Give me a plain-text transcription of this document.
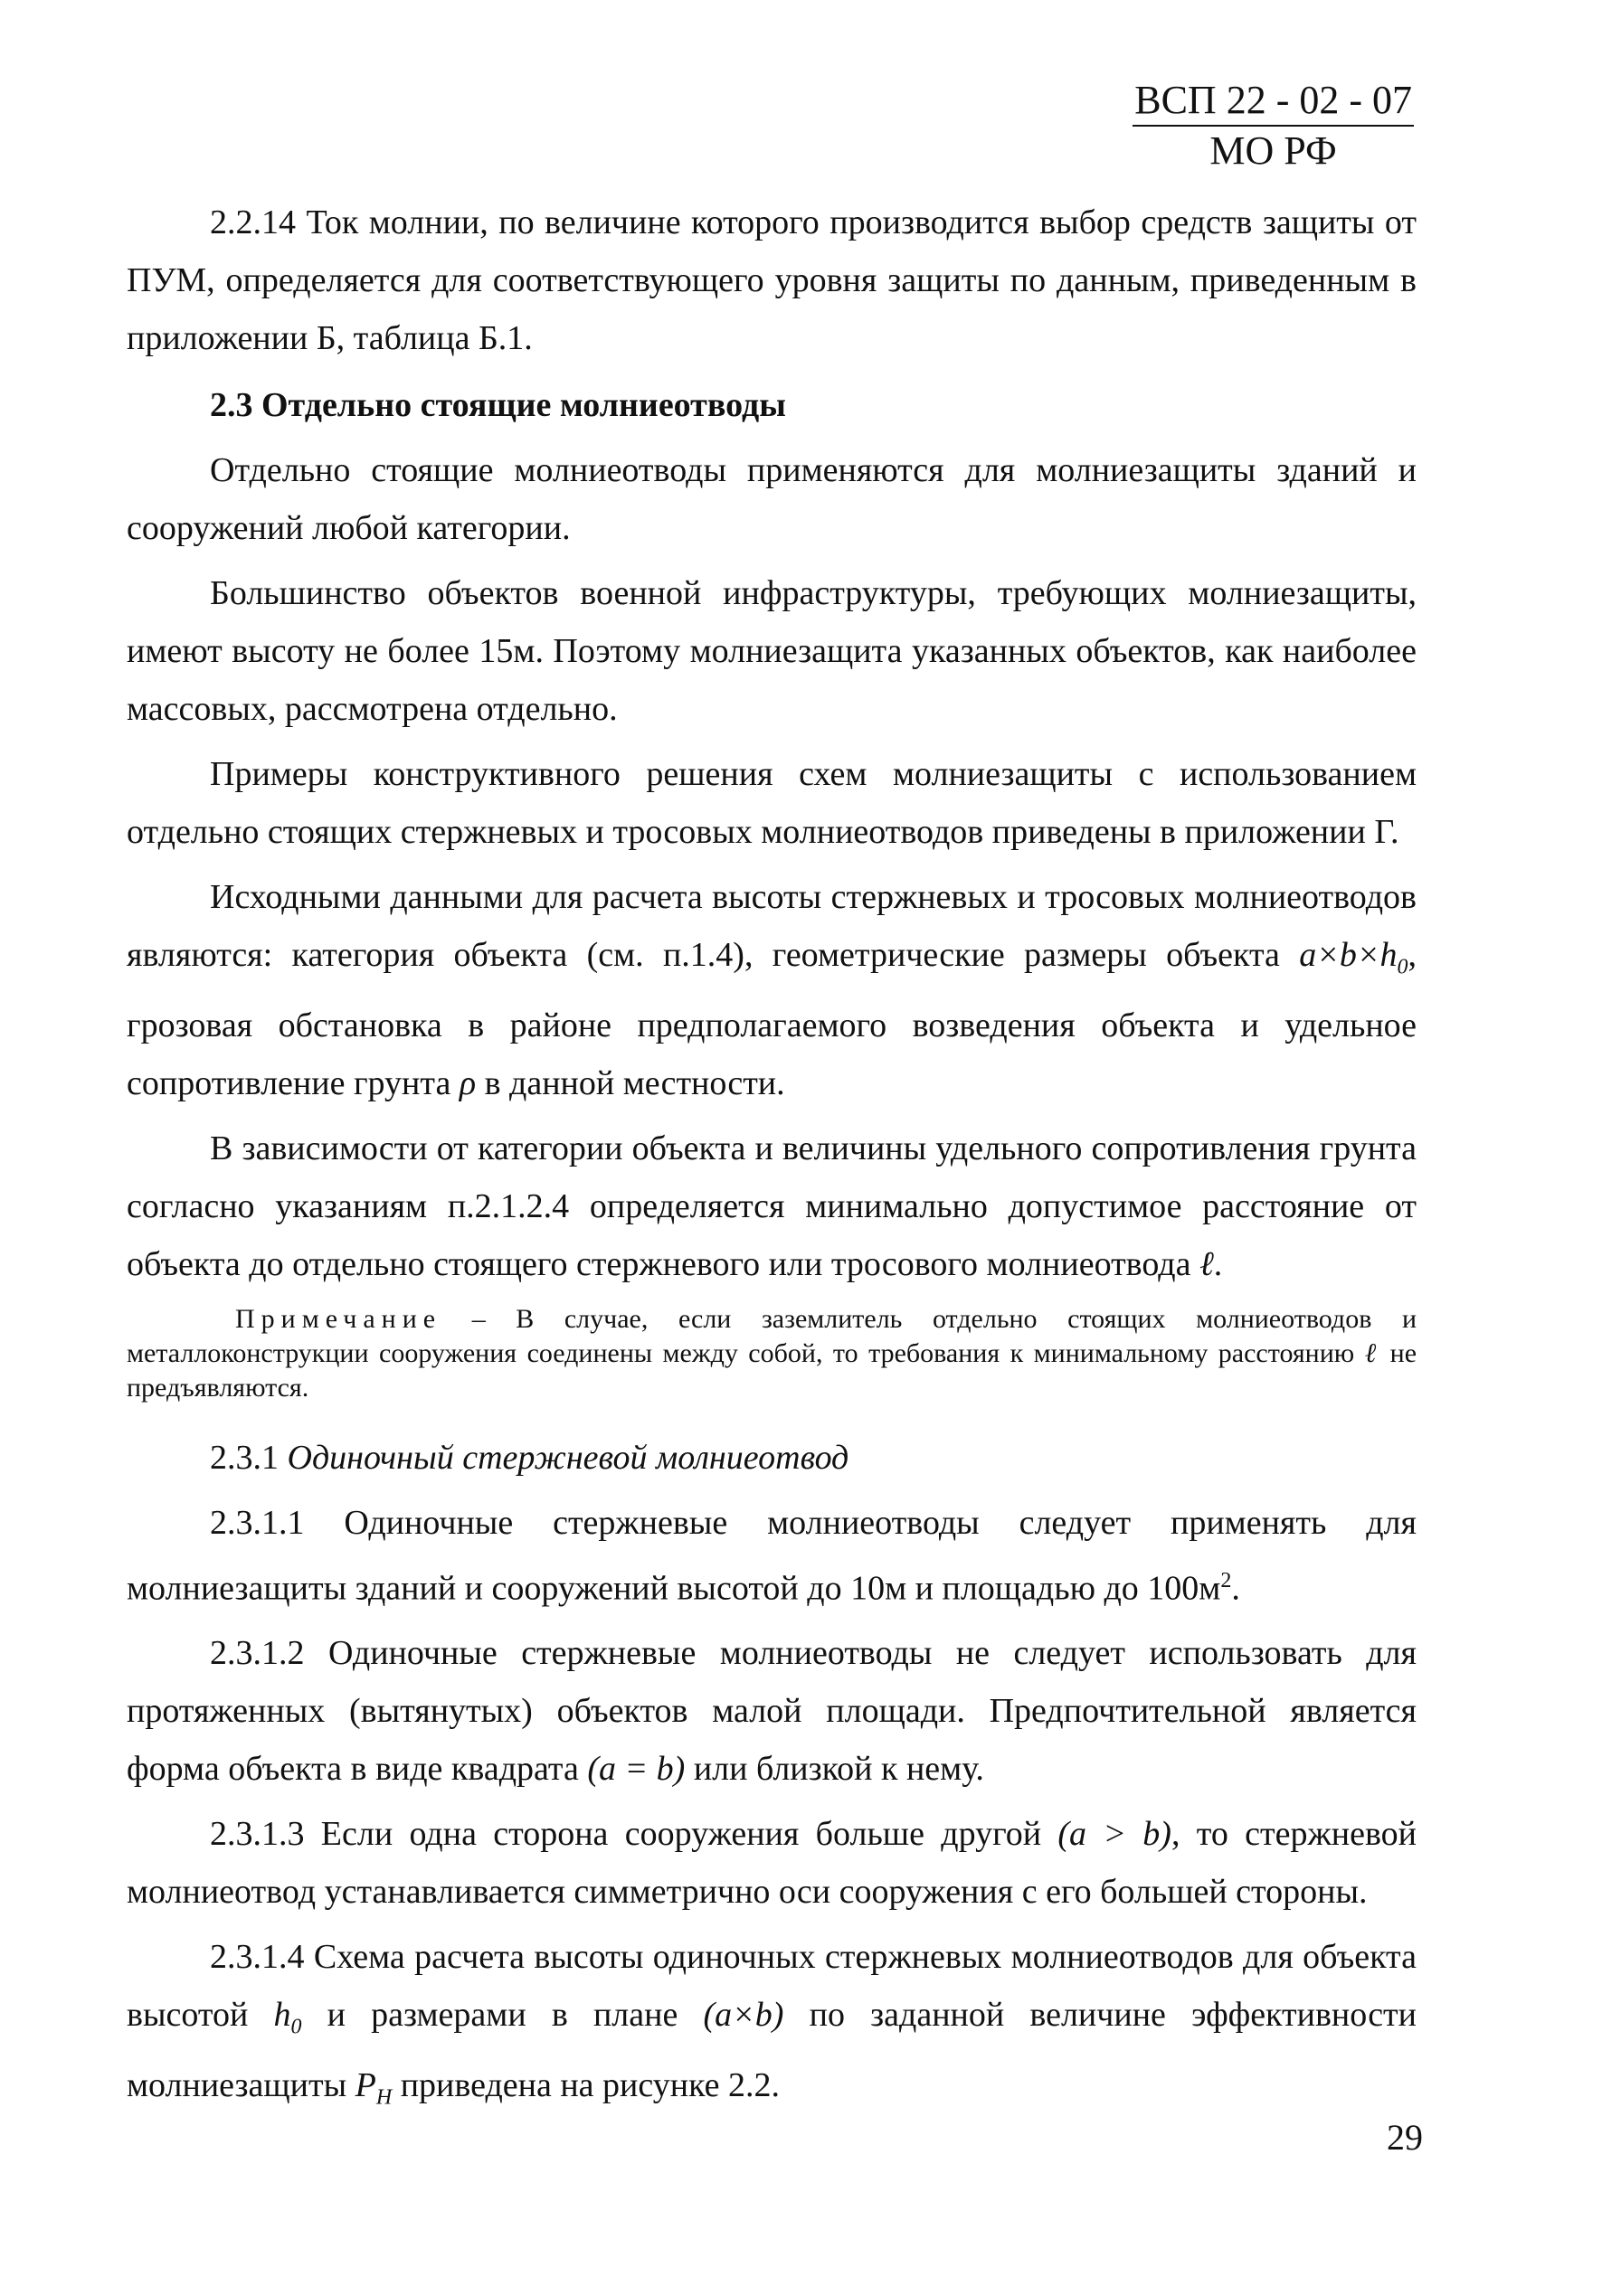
ВСП 22 - 02 - 07
МО РФ

2.2.14 Ток молнии, по величине которого производится выбор средств защиты от ПУМ, определяется для соответствующего уровня защиты по данным, приведенным в приложении Б, таблица Б.1.

2.3 Отдельно стоящие молниеотводы

Отдельно стоящие молниеотводы применяются для молниезащиты зданий и сооружений любой категории.

Большинство объектов военной инфраструктуры, требующих молниезащиты, имеют высоту не более 15м. Поэтому молниезащита указанных объектов, как наиболее массовых, рассмотрена отдельно.

Примеры конструктивного решения схем молниезащиты с использованием отдельно стоящих стержневых и тросовых молниеотводов приведены в приложении Г.

Исходными данными для расчета высоты стержневых и тросовых молниеотводов являются: категория объекта (см. п.1.4), геометрические размеры объекта $a\times b\times h_0$, грозовая обстановка в районе предполагаемого возведения объекта и удельное сопротивление грунта ρ в данной местности.

В зависимости от категории объекта и величины удельного сопротивления грунта согласно указаниям п.2.1.2.4 определяется минимально допустимое расстояние от объекта до отдельно стоящего стержневого или тросового молниеотвода ℓ.

Примечание – В случае, если заземлитель отдельно стоящих молниеотводов и металлоконструкции сооружения соединены между собой, то требования к минимальному расстоянию ℓ не предъявляются.

2.3.1 Одиночный стержневой молниеотвод

2.3.1.1 Одиночные стержневые молниеотводы следует применять для молниезащиты зданий и сооружений высотой до 10м и площадью до $100м^2$.

2.3.1.2 Одиночные стержневые молниеотводы не следует использовать для протяженных (вытянутых) объектов малой площади. Предпочтительной является форма объекта в виде квадрата (a = b) или близкой к нему.

2.3.1.3 Если одна сторона сооружения больше другой (a > b), то стержневой молниеотвод устанавливается симметрично оси сооружения с его большей стороны.

2.3.1.4 Схема расчета высоты одиночных стержневых молниеотводов для объекта высотой $h_0$ и размерами в плане (a×b) по заданной величине эффективности молниезащиты $P_H$ приведена на рисунке 2.2.

29
